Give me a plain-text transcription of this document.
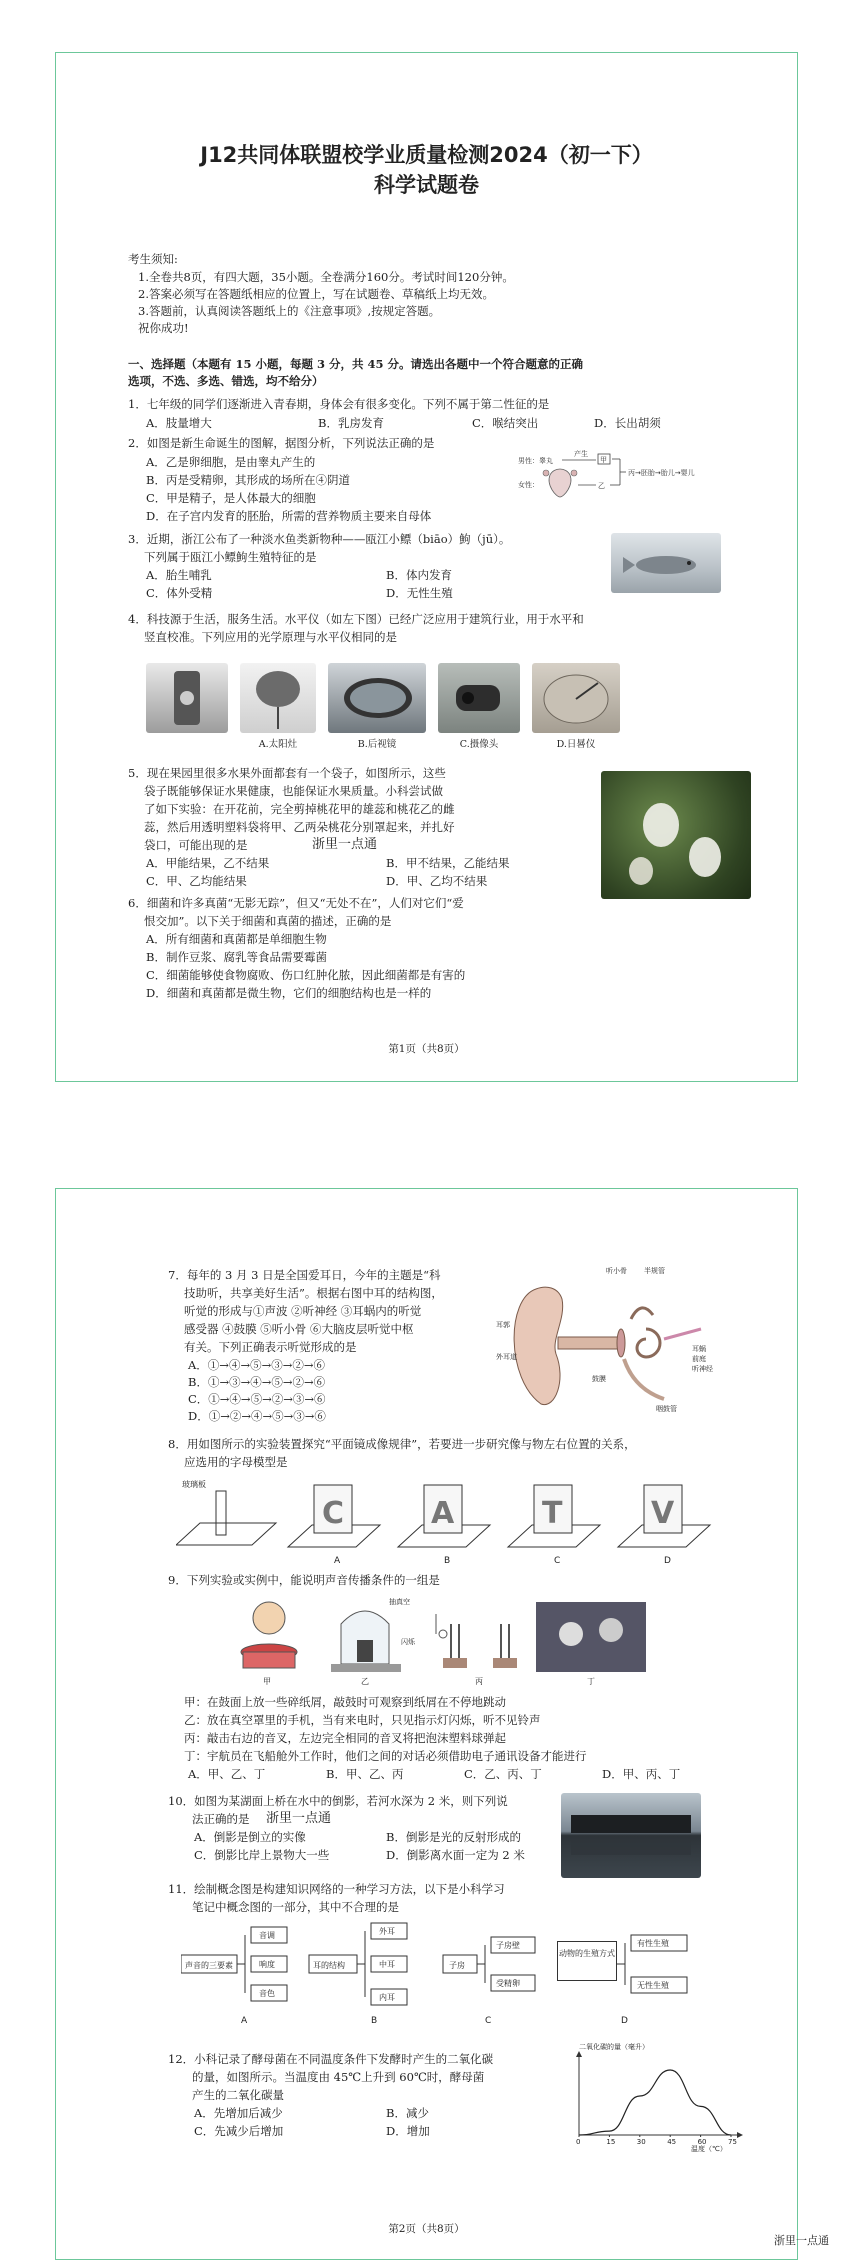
J12共同体联盟校学业质量检测2024（初一下）
科学试题卷
考生须知:
1.全卷共8页，有四大题，35小题。全卷满分160分。考试时间120分钟。
2.答案必须写在答题纸相应的位置上，写在试题卷、草稿纸上均无效。
3.答题前，认真阅读答题纸上的《注意事项》,按规定答题。
祝你成功!
一、选择题（本题有 15 小题，每题 3 分，共 45 分。请选出各题中一个符合题意的正确
选项，不选、多选、错选，均不给分）
1．七年级的同学们逐渐进入青春期，身体会有很多变化。下列不属于第二性征的是
A．肢量增大	B．乳房发育	C．喉结突出	D．长出胡须
2．如图是新生命诞生的图解，据图分析，下列说法正确的是
A．乙是卵细胞，是由睾丸产生的
B．丙是受精卵，其形成的场所在④阴道
C．甲是精子，是人体最大的细胞
D．在子宫内发育的胚胎，所需的营养物质主要来自母体
男性：睾丸
女性：
产生
甲
乙
丙→胚胎→胎儿→婴儿
3．近期，浙江公布了一种淡水鱼类新物种——瓯江小鳔（biāo）鮈（jū）。
下列属于瓯江小鳔鮈生殖特征的是
A．胎生哺乳	B．体内发育
C．体外受精	D．无性生殖
4．科技源于生活，服务生活。水平仪（如左下图）已经广泛应用于建筑行业，用于水平和
竖直校准。下列应用的光学原理与水平仪相同的是
A.太阳灶	B.后视镜	C.摄像头	D.日晷仪
5．现在果园里很多水果外面都套有一个袋子，如图所示，这些
袋子既能够保证水果健康，也能保证水果质量。小科尝试做
了如下实验：在开花前，完全剪掉桃花甲的雄蕊和桃花乙的雌
蕊，然后用透明塑料袋将甲、乙两朵桃花分别罩起来，并扎好
袋口，可能出现的是	浙里一点通
A．甲能结果，乙不结果	B．甲不结果，乙能结果
C．甲、乙均能结果	D．甲、乙均不结果
6．细菌和许多真菌“无影无踪”，但又“无处不在”，人们对它们“爱
恨交加”。以下关于细菌和真菌的描述，正确的是
A．所有细菌和真菌都是单细胞生物
B．制作豆浆、腐乳等食品需要霉菌
C．细菌能够使食物腐败、伤口红肿化脓，因此细菌都是有害的
D．细菌和真菌都是微生物，它们的细胞结构也是一样的
第1页（共8页）
7．每年的 3 月 3 日是全国爱耳日，今年的主题是“科
技助听，共享美好生活”。根据右图中耳的结构图，
听觉的形成与①声波 ②听神经 ③耳蜗内的听觉
感受器 ④鼓膜 ⑤听小骨 ⑥大脑皮层听觉中枢
有关。下列正确表示听觉形成的是
A．①→④→⑤→③→②→⑥
B．①→③→④→⑤→②→⑥
C．①→④→⑤→②→③→⑥
D．①→②→④→⑤→③→⑥
听小骨 半规管
耳郭
外耳道
鼓膜
耳蜗
前庭
咽鼓管
听神经
8．用如图所示的实验装置探究“平面镜成像规律”，若要进一步研究像与物左右位置的关系，
应选用的字母模型是
玻璃板
C	A	T	V
A	B	C	D
9．下列实验或实例中，能说明声音传播条件的一组是
抽真空
闪烁
甲	乙	丙	丁
甲：在鼓面上放一些碎纸屑，敲鼓时可观察到纸屑在不停地跳动
乙：放在真空罩里的手机，当有来电时，只见指示灯闪烁，听不见铃声
丙：敲击右边的音叉，左边完全相同的音叉将把泡沫塑料球弹起
丁：宇航员在飞船舱外工作时，他们之间的对话必须借助电子通讯设备才能进行
A．甲、乙、丁	B．甲、乙、丙	C．乙、丙、丁	D．甲、丙、丁
10．如图为某湖面上桥在水中的倒影，若河水深为 2 米，则下列说
法正确的是 浙里一点通
A．倒影是倒立的实像	B．倒影是光的反射形成的
C．倒影比岸上景物大一些	D．倒影离水面一定为 2 米
11．绘制概念图是构建知识网络的一种学习方法，以下是小科学习
笔记中概念图的一部分，其中不合理的是
声音的三要素
音调
响度
音色
耳的结构
外耳
中耳
内耳
子房
子房壁
受精卵
动物的生殖方式
有性生殖
无性生殖
A	B	C	D
12．小科记录了酵母菌在不同温度条件下发酵时产生的二氧化碳
的量，如图所示。当温度由 45℃上升到 60℃时，酵母菌
产生的二氧化碳量
A．先增加后减少	B．减少
C．先减少后增加	D．增加
二氧化碳的量（毫升）
温度（℃）
0	15	30	45	60	75
第2页（共8页）
浙里一点通
